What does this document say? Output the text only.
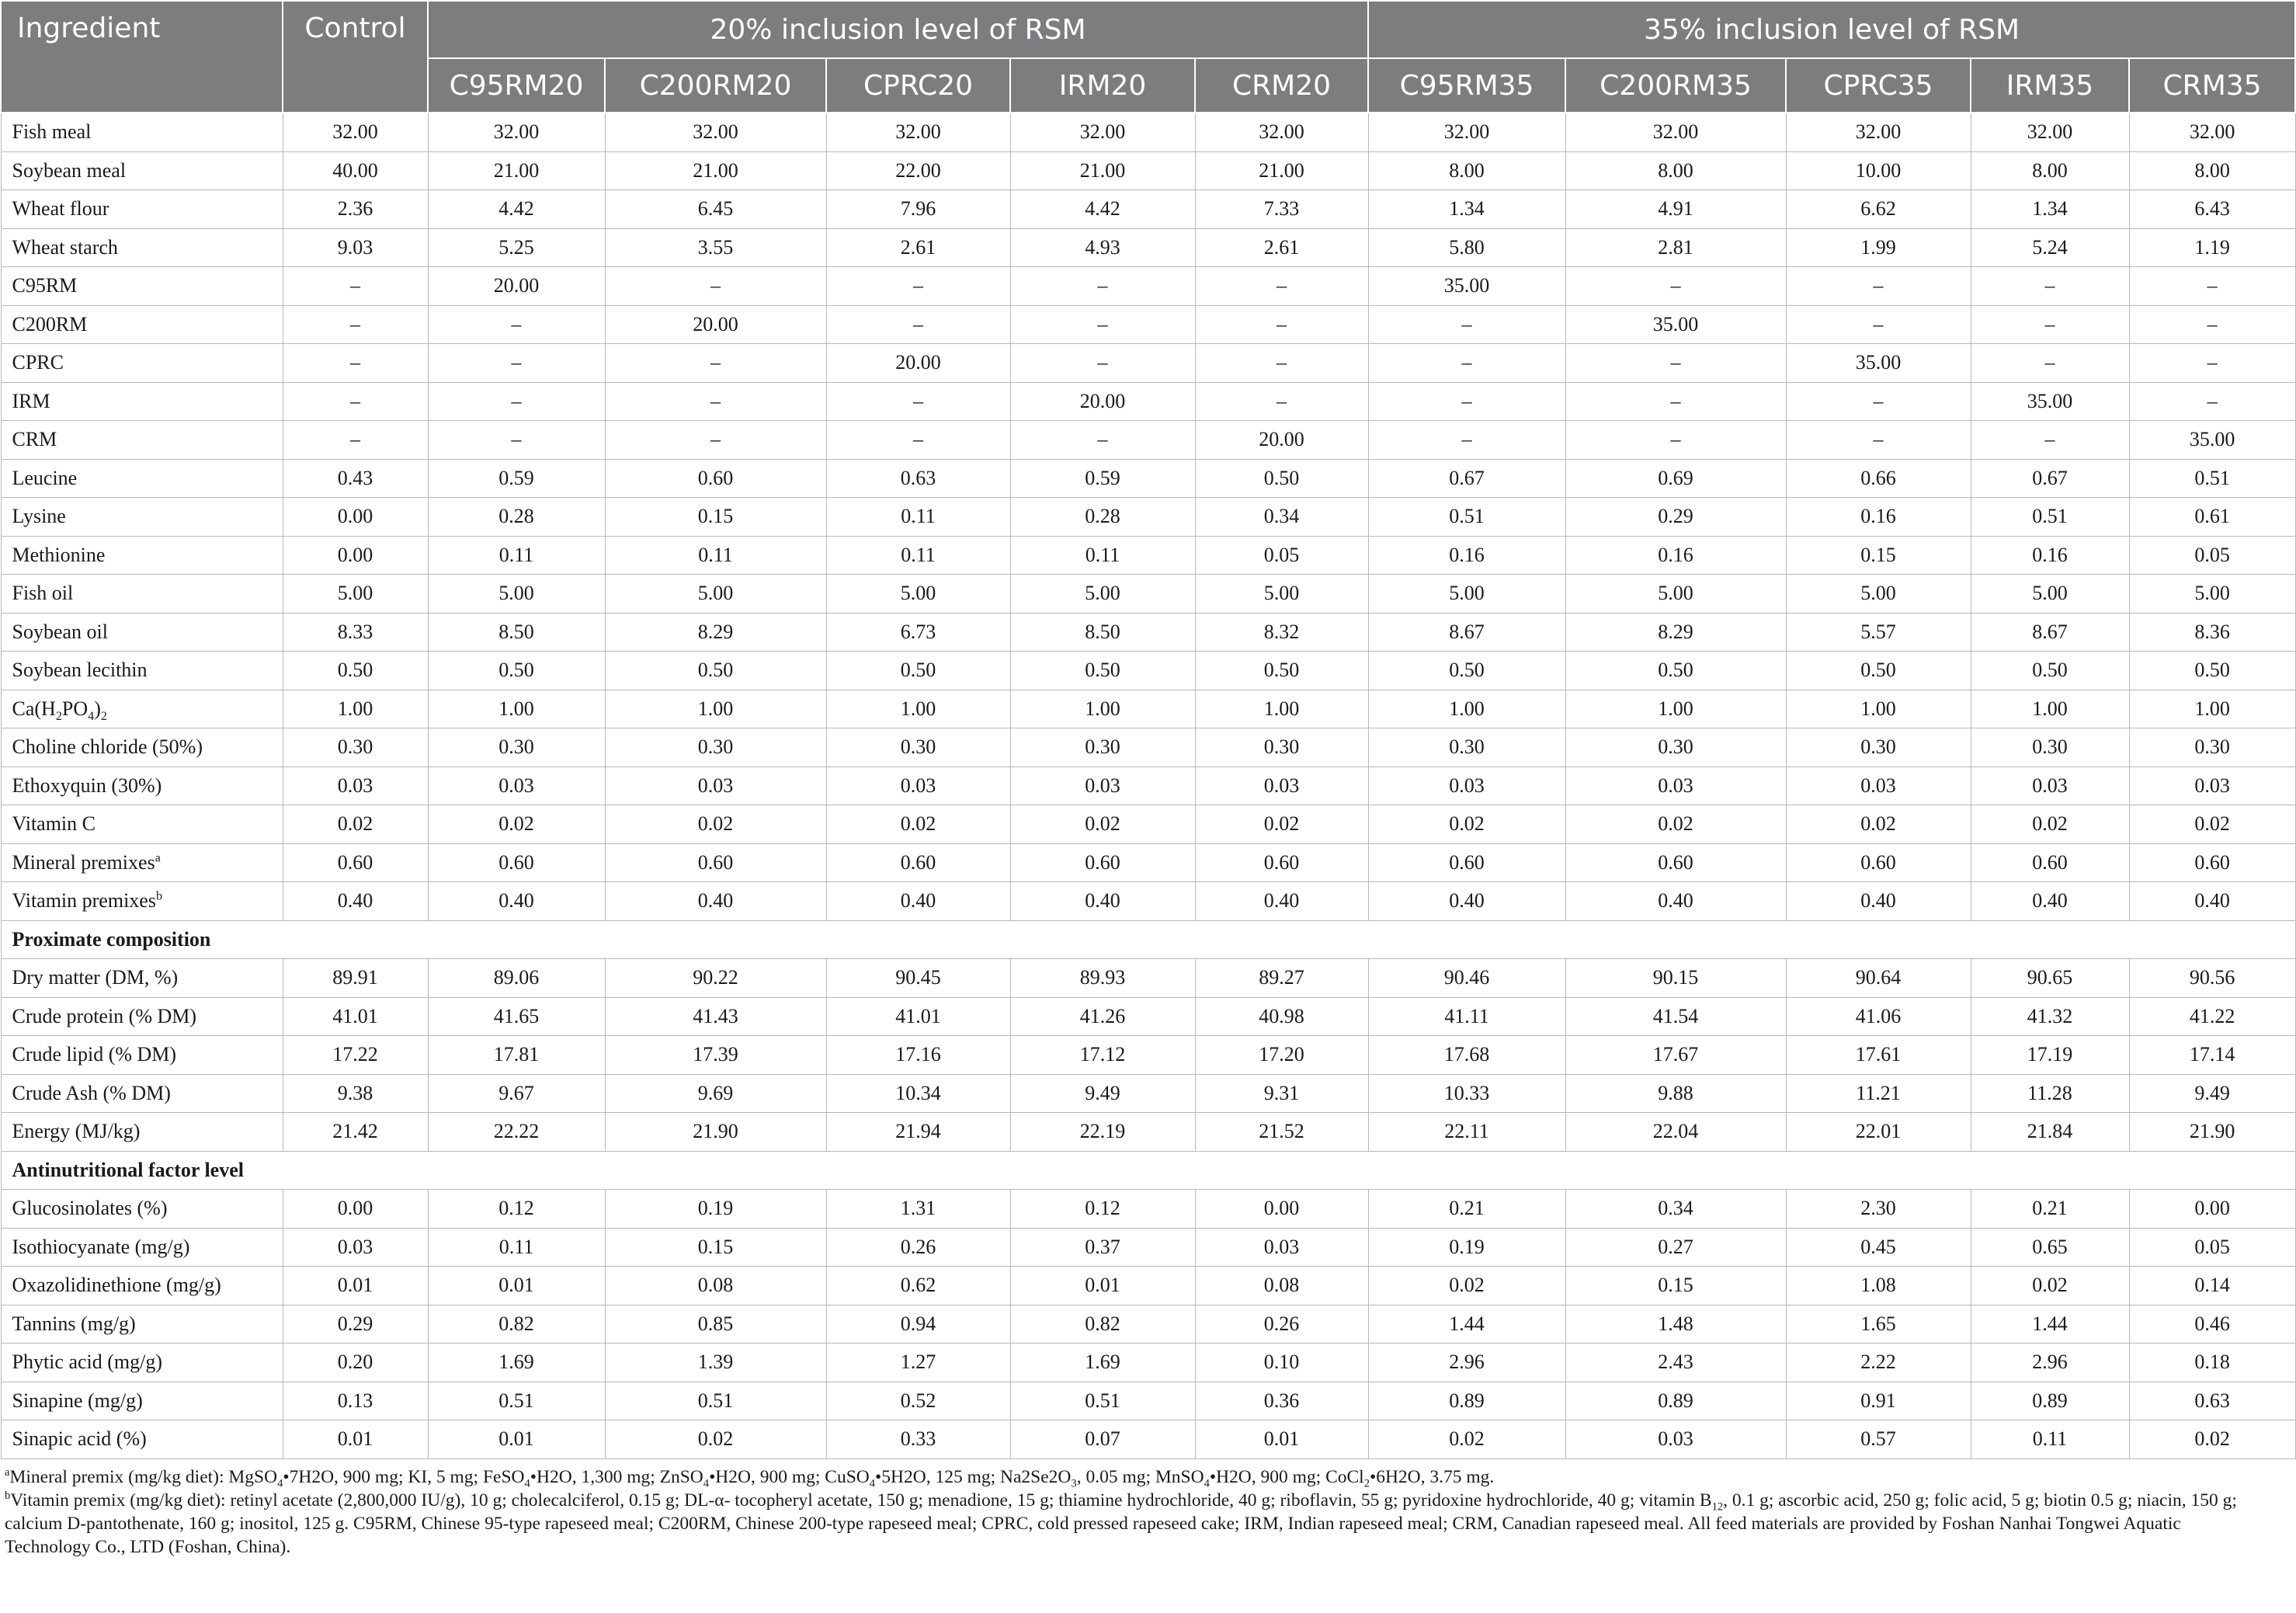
Ingredient	Control	20% inclusion level of RSM					35% inclusion level of RSM				
		C95RM20	C200RM20	CPRC20	IRM20	CRM20	C95RM35	C200RM35	CPRC35	IRM35	CRM35
Fish meal	32.00	32.00	32.00	32.00	32.00	32.00	32.00	32.00	32.00	32.00	32.00
Soybean meal	40.00	21.00	21.00	22.00	21.00	21.00	8.00	8.00	10.00	8.00	8.00
Wheat flour	2.36	4.42	6.45	7.96	4.42	7.33	1.34	4.91	6.62	1.34	6.43
Wheat starch	9.03	5.25	3.55	2.61	4.93	2.61	5.80	2.81	1.99	5.24	1.19
C95RM	–	20.00	–	–	–	–	35.00	–	–	–	–
C200RM	–	–	20.00	–	–	–	–	35.00	–	–	–
CPRC	–	–	–	20.00	–	–	–	–	35.00	–	–
IRM	–	–	–	–	20.00	–	–	–	–	35.00	–
CRM	–	–	–	–	–	20.00	–	–	–	–	35.00
Leucine	0.43	0.59	0.60	0.63	0.59	0.50	0.67	0.69	0.66	0.67	0.51
Lysine	0.00	0.28	0.15	0.11	0.28	0.34	0.51	0.29	0.16	0.51	0.61
Methionine	0.00	0.11	0.11	0.11	0.11	0.05	0.16	0.16	0.15	0.16	0.05
Fish oil	5.00	5.00	5.00	5.00	5.00	5.00	5.00	5.00	5.00	5.00	5.00
Soybean oil	8.33	8.50	8.29	6.73	8.50	8.32	8.67	8.29	5.57	8.67	8.36
Soybean lecithin	0.50	0.50	0.50	0.50	0.50	0.50	0.50	0.50	0.50	0.50	0.50
$Ca(H_2PO_4)_2$	1.00	1.00	1.00	1.00	1.00	1.00	1.00	1.00	1.00	1.00	1.00
Choline chloride (50%)	0.30	0.30	0.30	0.30	0.30	0.30	0.30	0.30	0.30	0.30	0.30
Ethoxyquin (30%)	0.03	0.03	0.03	0.03	0.03	0.03	0.03	0.03	0.03	0.03	0.03
Vitamin C	0.02	0.02	0.02	0.02	0.02	0.02	0.02	0.02	0.02	0.02	0.02
Mineral premixes$^a$	0.60	0.60	0.60	0.60	0.60	0.60	0.60	0.60	0.60	0.60	0.60
Vitamin premixes$^b$	0.40	0.40	0.40	0.40	0.40	0.40	0.40	0.40	0.40	0.40	0.40
Proximate composition											
Dry matter (DM, %)	89.91	89.06	90.22	90.45	89.93	89.27	90.46	90.15	90.64	90.65	90.56
Crude protein (% DM)	41.01	41.65	41.43	41.01	41.26	40.98	41.11	41.54	41.06	41.32	41.22
Crude lipid (% DM)	17.22	17.81	17.39	17.16	17.12	17.20	17.68	17.67	17.61	17.19	17.14
Crude Ash (% DM)	9.38	9.67	9.69	10.34	9.49	9.31	10.33	9.88	11.21	11.28	9.49
Energy (MJ/kg)	21.42	22.22	21.90	21.94	22.19	21.52	22.11	22.04	22.01	21.84	21.90
Antinutritional factor level											
Glucosinolates (%)	0.00	0.12	0.19	1.31	0.12	0.00	0.21	0.34	2.30	0.21	0.00
Isothiocyanate (mg/g)	0.03	0.11	0.15	0.26	0.37	0.03	0.19	0.27	0.45	0.65	0.05
Oxazolidinethione (mg/g)	0.01	0.01	0.08	0.62	0.01	0.08	0.02	0.15	1.08	0.02	0.14
Tannins (mg/g)	0.29	0.82	0.85	0.94	0.82	0.26	1.44	1.48	1.65	1.44	0.46
Phytic acid (mg/g)	0.20	1.69	1.39	1.27	1.69	0.10	2.96	2.43	2.22	2.96	0.18
Sinapine (mg/g)	0.13	0.51	0.51	0.52	0.51	0.36	0.89	0.89	0.91	0.89	0.63
Sinapic acid (%)	0.01	0.01	0.02	0.33	0.07	0.01	0.02	0.03	0.57	0.11	0.02

$^a$Mineral premix (mg/kg diet): MgSO$_4$•7H2O, 900 mg; KI, 5 mg; FeSO$_4$•H2O, 1,300 mg; ZnSO$_4$•H2O, 900 mg; CuSO$_4$•5H2O, 125 mg; $Na2Se2O_3$, 0.05 mg; MnSO$_4$•H2O, 900 mg; CoCl$_2$•6H2O, 3.75 mg.

$^b$Vitamin premix (mg/kg diet): retinyl acetate (2,800,000 IU/g), 10 g; cholecalciferol, 0.15 g; DL-α- tocopheryl acetate, 150 g; menadione, 15 g; thiamine hydrochloride, 40 g; riboflavin, 55 g; pyridoxine hydrochloride, 40 g; vitamin $B_{12}$, 0.1 g; ascorbic acid, 250 g; folic acid, 5 g; biotin 0.5 g; niacin, 150 g; calcium D-pantothenate, 160 g; inositol, 125 g. C95RM, Chinese 95-type rapeseed meal; C200RM, Chinese 200-type rapeseed meal; CPRC, cold pressed rapeseed cake; IRM, Indian rapeseed meal; CRM, Canadian rapeseed meal. All feed materials are provided by Foshan Nanhai Tongwei Aquatic Technology Co., LTD (Foshan, China).
